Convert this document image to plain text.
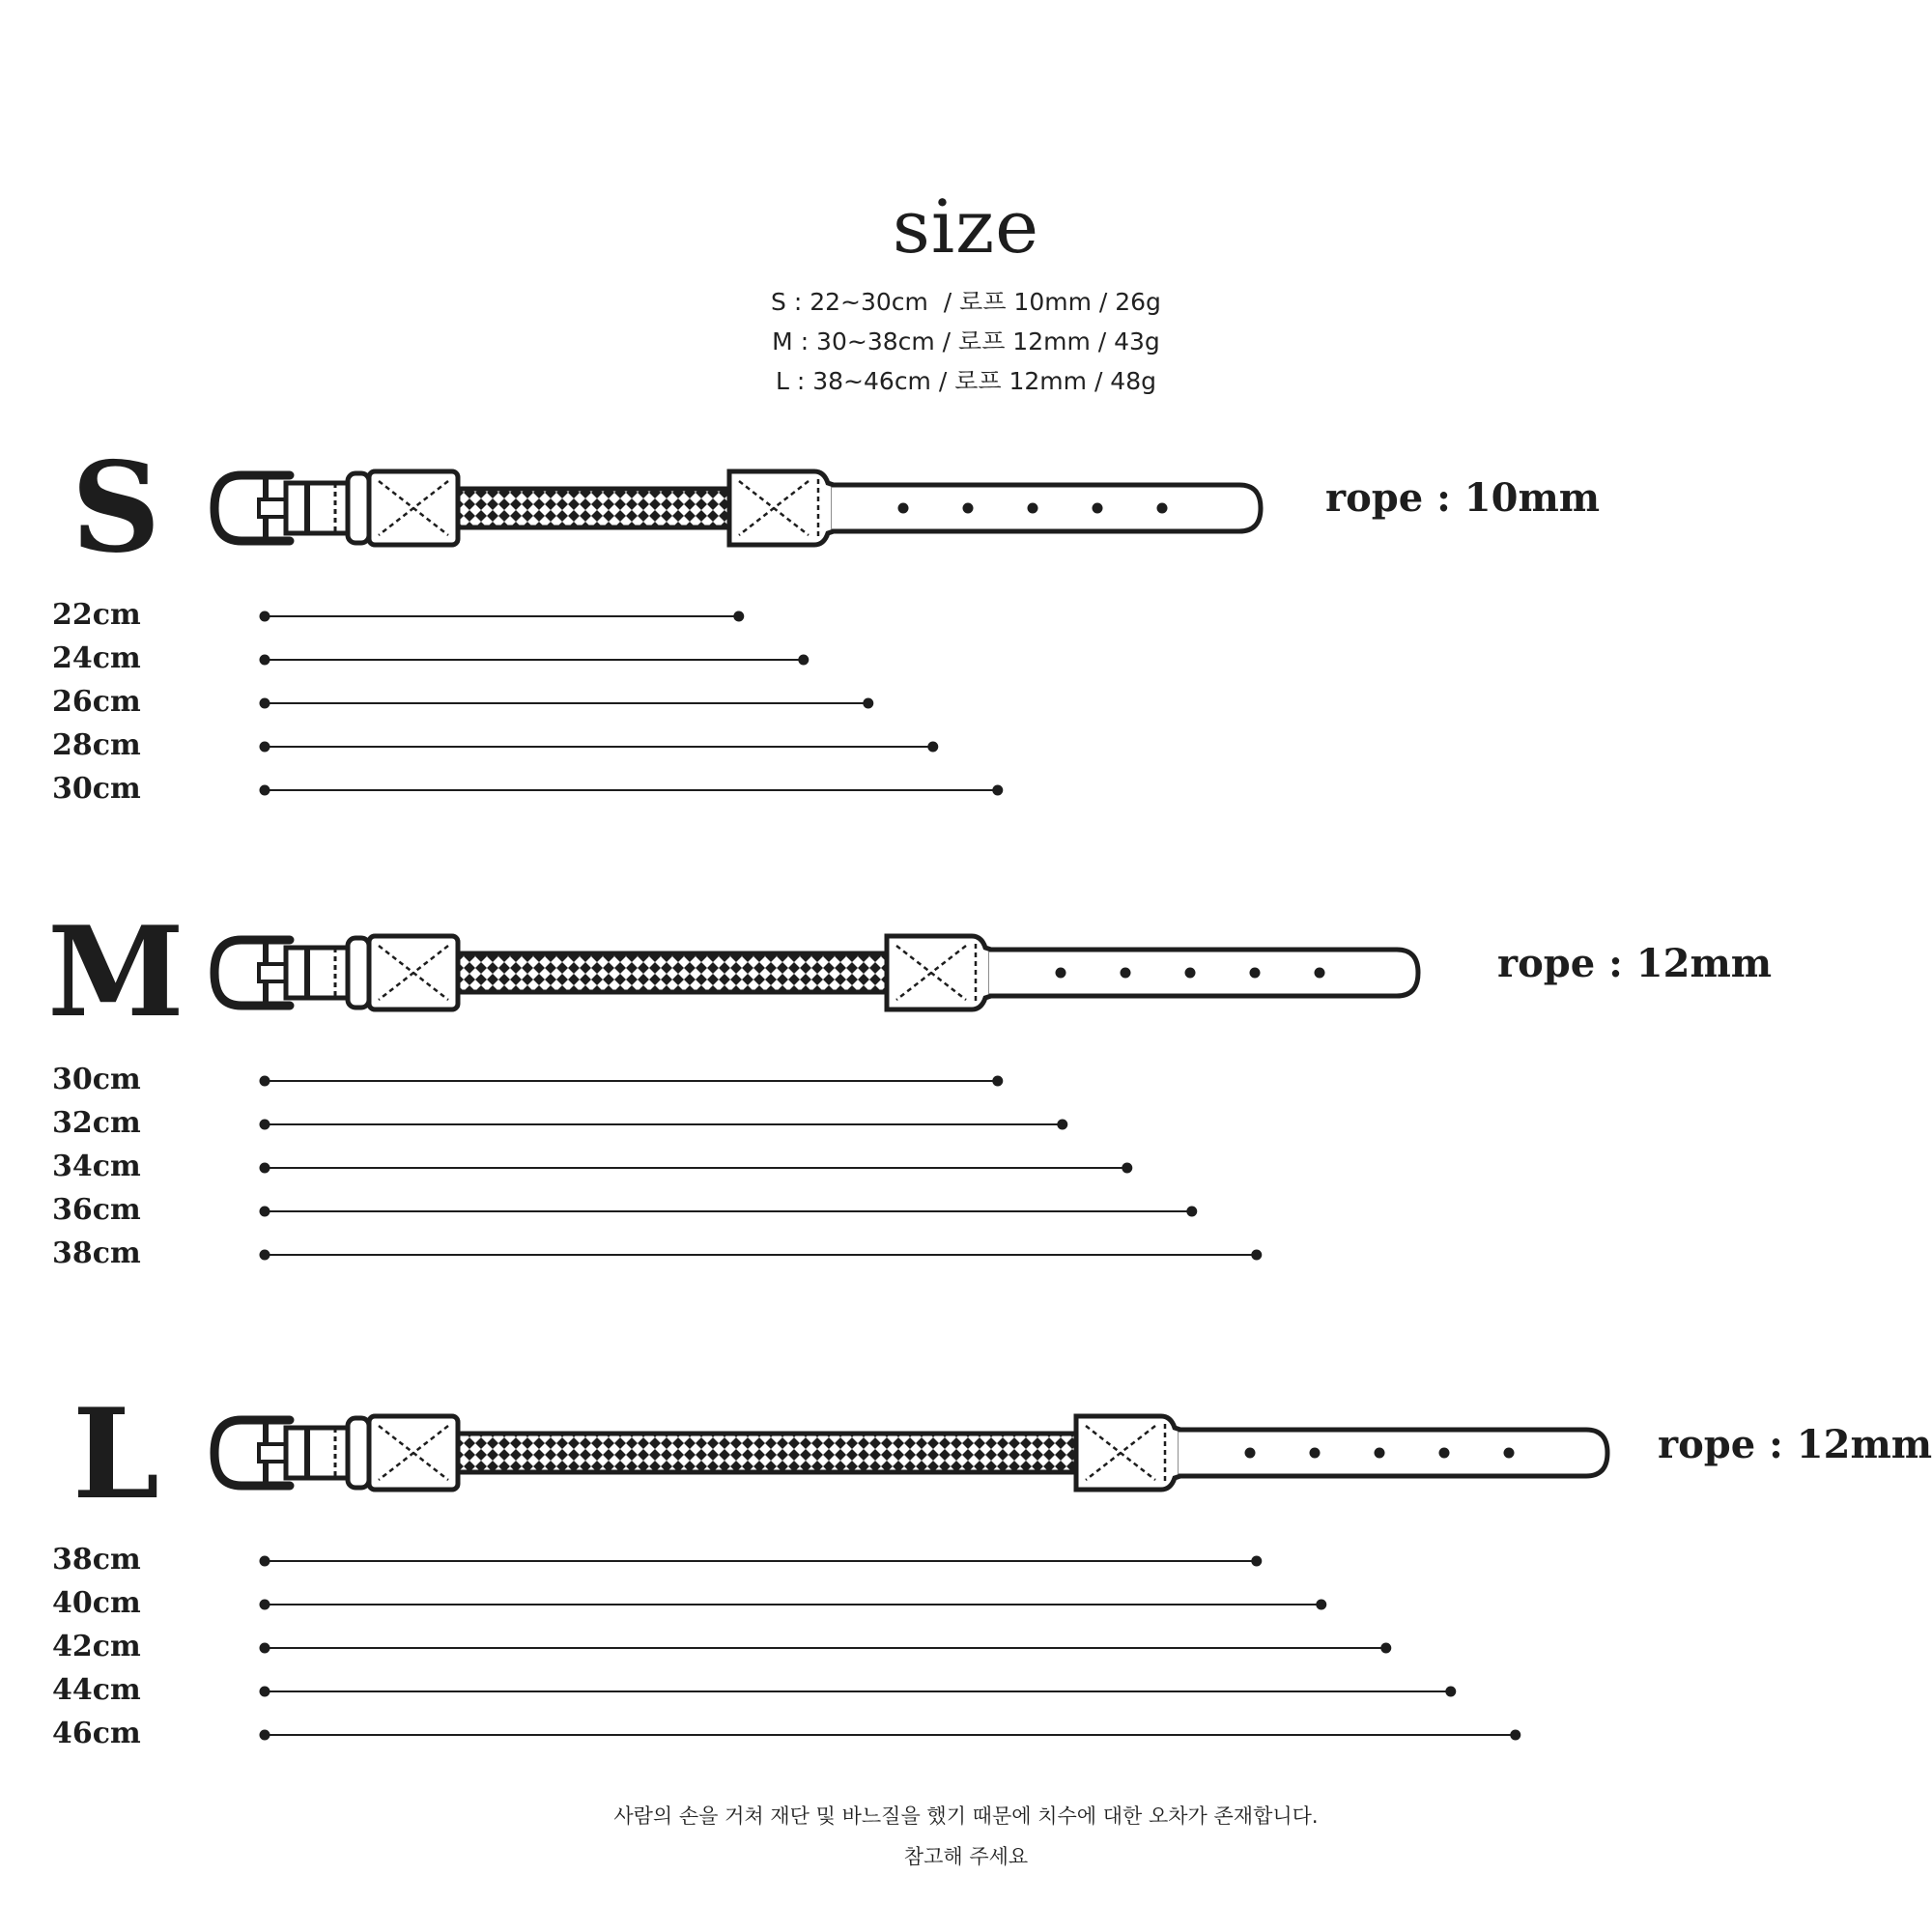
size
S : 22~30cm  / 로프 10mm / 26g
M : 30~38cm / 로프 12mm / 43g
L : 38~46cm / 로프 12mm / 48g
S	rope : 10mm
22cm
24cm
26cm
28cm
30cm
M	rope : 12mm
30cm
32cm
34cm
36cm
38cm
L	rope : 12mm
38cm
40cm
42cm
44cm
46cm
사람의 손을 거쳐 재단 및 바느질을 했기 때문에 치수에 대한 오차가 존재합니다.
참고해 주세요
